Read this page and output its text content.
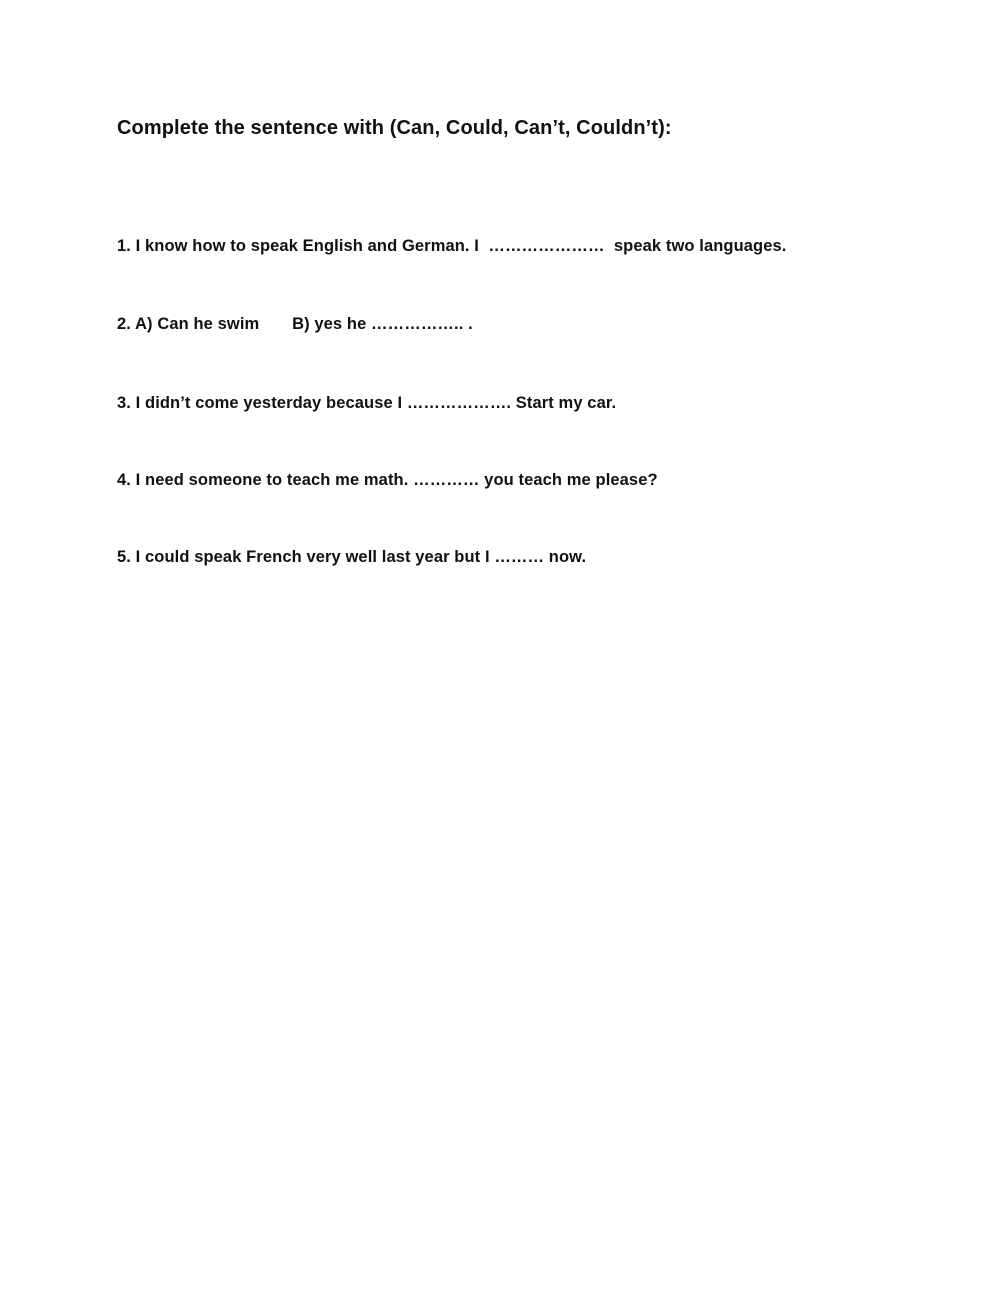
Complete the sentence with (Can, Could, Can’t, Couldn’t):
1. I know how to speak English and German. I  …………………  speak two languages.
2. A) Can he swim       B) yes he …………….. .
3. I didn’t come yesterday because I ………………. Start my car.
4. I need someone to teach me math. ………… you teach me please?
5. I could speak French very well last year but I ……… now.
